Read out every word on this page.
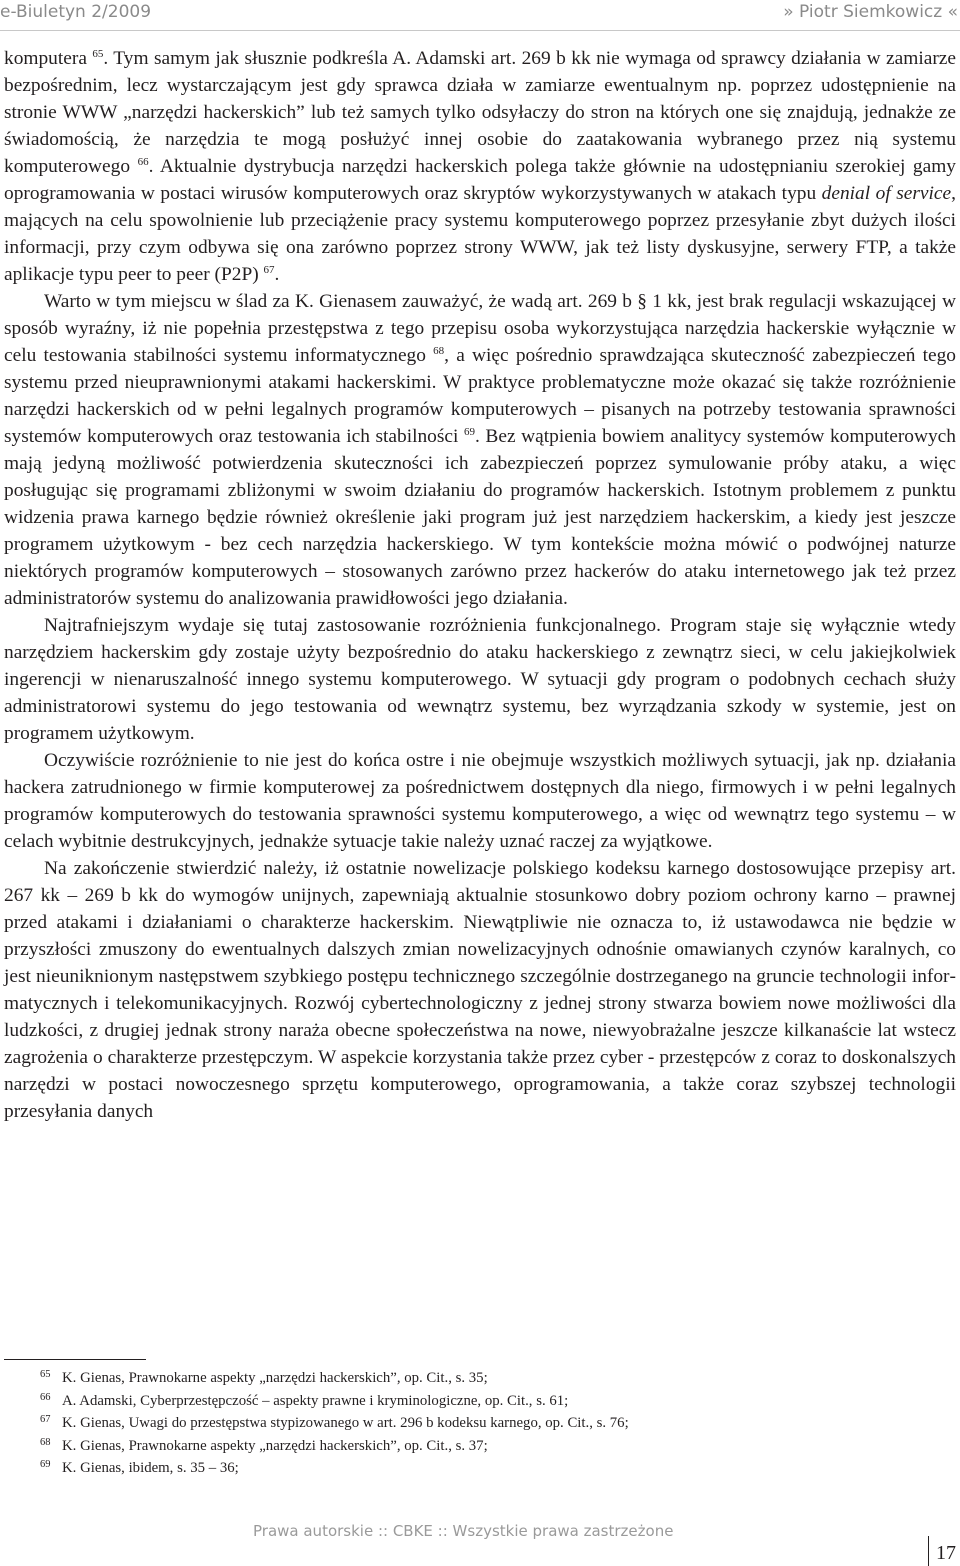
e-Biuletyn 2/2009	» Piotr Siemkowicz «

komputera $^{65}$. Tym samym jak słusznie podkreśla A. Adamski art. 269 b kk nie wymaga od sprawcy działania w zamiarze bezpośrednim, lecz wystarczającym jest gdy sprawca działa w zamiarze ewentualnym np. poprzez udostępnienie na stronie WWW „narzędzi hackerskich” lub też samych tylko odsyłaczy do stron na których one się znajdują, jednakże ze świadomością, że narzędzia te mogą posłużyć innej osobie do zaatakowania wybranego przez nią systemu komputerowego $^{66}$. Aktualnie dystrybucja narzędzi hackerskich polega także głównie na udostępnianiu szerokiej gamy oprogramowania w postaci wirusów komputerowych oraz skryptów wykorzystywanych w atakach typu denial of service, mających na celu spowolnienie lub przeciążenie pracy systemu komputerowego poprzez przesyłanie zbyt dużych ilości informacji, przy czym odbywa się ona zarówno poprzez strony WWW, jak też listy dyskusyjne, serwery FTP, a także aplikacje typu peer to peer (P2P) $^{67}$.

Warto w tym miejscu w ślad za K. Gienasem zauważyć, że wadą art. 269 b § 1 kk, jest brak regulacji wskazującej w sposób wyraźny, iż nie popełnia przestępstwa z tego przepisu osoba wykorzystująca narzędzia hackerskie wyłącznie w celu testowania stabilności systemu informatycznego $^{68}$, a więc pośrednio sprawdzająca skuteczność zabezpieczeń tego systemu przed nieuprawnionymi atakami hackerskimi. W praktyce problematyczne może okazać się także rozróżnienie narzędzi hackerskich od w pełni legalnych programów komputerowych – pisanych na potrzeby testowania sprawności systemów komputerowych oraz testowania ich stabilności $^{69}$. Bez wątpienia bowiem analitycy systemów komputerowych mają jedyną możliwość potwierdzenia skuteczności ich zabezpieczeń poprzez symulowanie próby ataku, a więc posługując się programami zbliżonymi w swoim działaniu do programów hackerskich. Istotnym problemem z punktu widzenia prawa karnego będzie również określenie jaki program już jest narzędziem hackerskim, a kiedy jest jeszcze programem użytkowym - bez cech narzędzia hackerskiego. W tym kontekście można mówić o podwójnej naturze niektórych programów komputerowych – stosowanych zarówno przez hackerów do ataku internetowego jak też przez administratorów systemu do analizowania prawidłowości jego działania.

Najtrafniejszym wydaje się tutaj zastosowanie rozróżnienia funkcjonalnego. Program staje się wyłącznie wtedy narzędziem hackerskim gdy zostaje użyty bezpośrednio do ataku hackerskiego z zewnątrz sieci, w celu jakiejkolwiek ingerencji w nienaruszalność innego systemu komputerowego. W sytuacji gdy program o podobnych cechach służy administratorowi systemu do jego testowania od wewnątrz systemu, bez wyrządzania szkody w systemie, jest on programem użytkowym.

Oczywiście rozróżnienie to nie jest do końca ostre i nie obejmuje wszystkich możliwych sytuacji, jak np. działania hackera zatrudnionego w firmie komputerowej za pośrednictwem dostępnych dla niego, firmowych i w pełni legalnych programów komputerowych do testowania sprawności systemu komputerowego, a więc od wewnątrz tego systemu – w celach wybitnie destrukcyjnych, jednakże sytuacje takie należy uznać raczej za wyjątkowe.

Na zakończenie stwierdzić należy, iż ostatnie nowelizacje polskiego kodeksu karnego dostosowujące przepisy art. 267 kk – 269 b kk do wymogów unijnych, zapewniają aktualnie stosunkowo dobry poziom ochrony karno – prawnej przed atakami i działaniami o charakterze hackerskim. Niewątpliwie nie oznacza to, iż ustawodawca nie będzie w przyszłości zmuszony do ewentualnych dalszych zmian nowelizacyjnych odnośnie omawianych czynów karalnych, co jest nieuniknionym następstwem szybkiego postępu technicznego szczególnie dostrzeganego na gruncie technologii informatycznych i telekomunikacyjnych. Rozwój cybertechnologiczny z jednej strony stwarza bowiem nowe możliwości dla ludzkości, z drugiej jednak strony naraża obecne społeczeństwa na nowe, niewyobrażalne jeszcze kilkanaście lat wstecz zagrożenia o charakterze przestępczym. W aspekcie korzystania także przez cyber - przestępców z coraz to doskonalszych narzędzi w postaci nowoczesnego sprzętu komputerowego, oprogramowania, a także coraz szybszej technologii przesyłania danych

65 K. Gienas, Prawnokarne aspekty „narzędzi hackerskich”, op. Cit., s. 35;
66 A. Adamski, Cyberprzestępczość – aspekty prawne i kryminologiczne, op. Cit., s. 61;
67 K. Gienas, Uwagi do przestępstwa stypizowanego w art. 296 b kodeksu karnego, op. Cit., s. 76;
68 K. Gienas, Prawnokarne aspekty „narzędzi hackerskich”, op. Cit., s. 37;
69 K. Gienas, ibidem, s. 35 – 36;
Prawa autorskie :: CBKE :: Wszystkie prawa zastrzeżone
17
